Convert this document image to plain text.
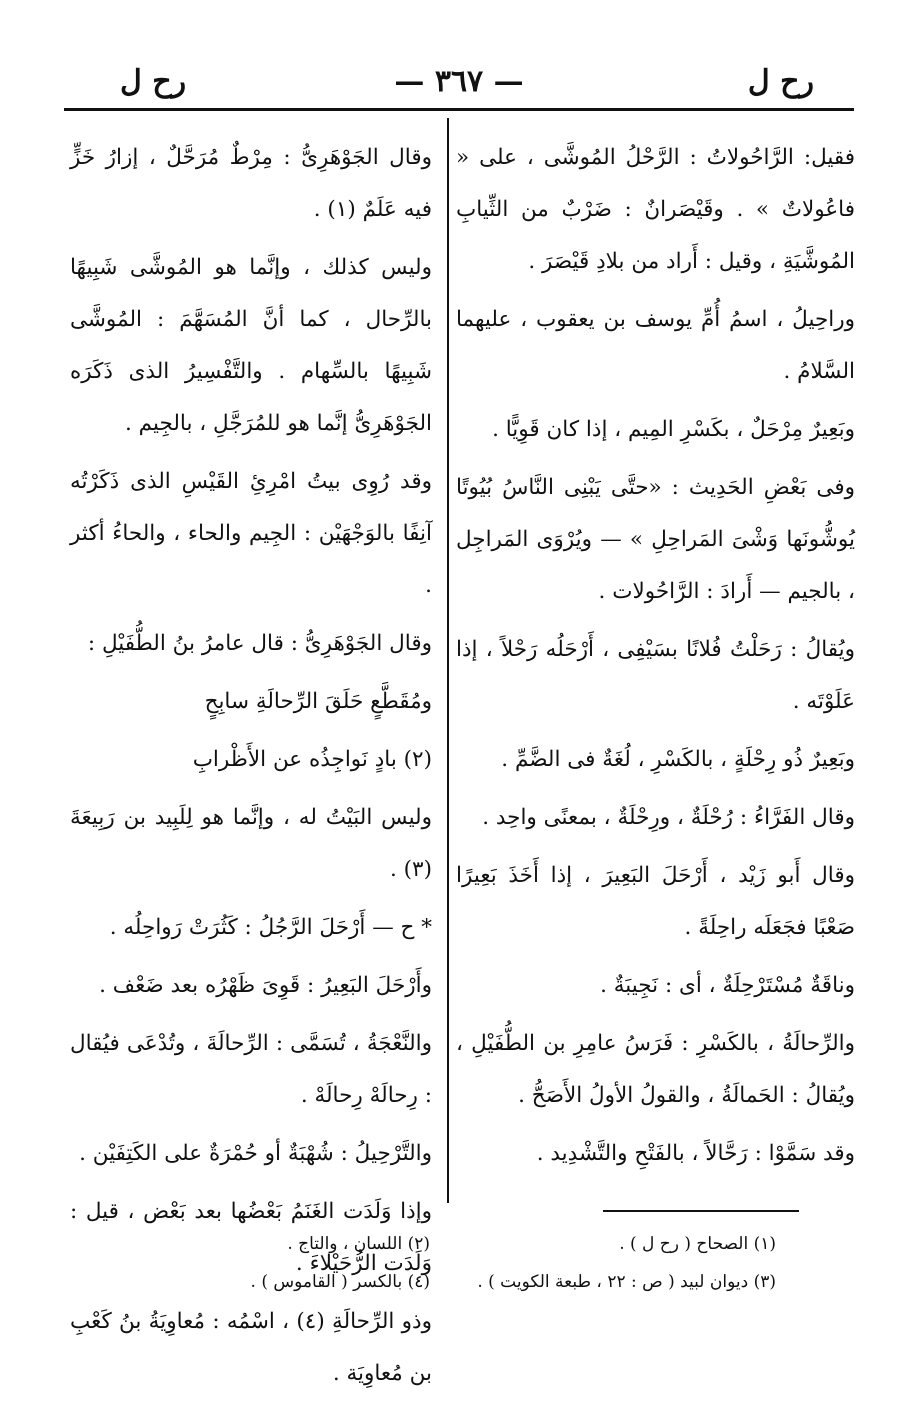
رح ل
— ٣٦٧ —
رح ل

فقيل: الرَّاحُولاتُ : الرَّحْلُ المُوشَّى ، على « فاعُولاتٌ » . وقَيْصَرانٌ : ضَرْبٌ من الثِّيابِ المُوشَّيَةِ ، وقيل : أَراد من بلادِ قَيْصَرَ .

وراحِيلُ ، اسمُ أُمِّ يوسف بن يعقوب ، عليهما السَّلامُ .

وبَعِيرٌ مِرْحَلٌ ، بكَسْرِ المِيم ، إذا كان قَوِيًّا .

وفى بَعْضِ الحَدِيث : «حتَّى يَبْنِى النَّاسُ بُيُوتًا يُوشُّونَها وَشْىَ المَراحِلِ » — ويُرْوَى المَراجِل ، بالجيم — أَرادَ : الرَّاحُولات .

ويُقالُ : رَحَلْتُ فُلانًا بسَيْفِى ، أَرْحَلُه رَحْلاً ، إذا عَلَوْتَه .

وبَعِيرٌ ذُو رِحْلَةٍ ، بالكَسْرِ ، لُغَةٌ فى الضَّمِّ .

وقال الفَرَّاءُ : رُحْلَةٌ ، ورِحْلَةٌ ، بمعنًى واحِد .

وقال أَبو زَيْد ، أَرْحَلَ البَعِيرَ ، إذا أَخَذَ بَعِيرًا صَعْبًا فجَعَلَه راحِلَةً .

وناقَةٌ مُسْتَرْحِلَةٌ ، أى : نَجِيبَةٌ .

والرِّحالَةُ ، بالكَسْرِ : فَرَسُ عامِرِ بن الطُّفَيْلِ ، ويُقالُ : الحَمالَةُ ، والقولُ الأولُ الأَصَحُّ .

وقد سَمَّوْا : رَحَّالاً ، بالفَتْحِ والتَّشْدِيد .

وقال الجَوْهَرِىُّ : مِرْطٌ مُرَحَّلٌ ، إزارُ خَزٍّ فيه عَلَمٌ (١) .

وليس كذلك ، وإنَّما هو المُوشَّى شَبِيهًا بالرِّحال ، كما أنَّ المُسَهَّمَ : المُوشَّى شَبِيهًا بالسِّهام . والتَّفْسِيرُ الذى ذَكَرَه الجَوْهَرِىُّ إنَّما هو للمُرَجَّلِ ، بالجِيم .

وقد رُوِى بيتُ امْرِئِ القَيْسِ الذى ذَكَرْتُه آنِفًا بالوَجْهَيْن : الجِيم والحاء ، والحاءُ أكثر .

وقال الجَوْهَرِىُّ : قال عامرُ بنُ الطُّفَيْلِ :

ومُقَطَّعٍ حَلَقَ الرِّحالَةِ سابِحٍ

(٢) بادٍ نَواجِذُه عن الأَظْرابِ

وليس البَيْتُ له ، وإنَّما هو لِلَبِيد بن رَبِيعَةَ (٣) .

* ح — أَرْحَلَ الرَّجُلُ : كَثُرَتْ رَواحِلُه .

وأَرْحَلَ البَعِيرُ : قَوِىَ ظَهْرُه بعد ضَعْف .

والنَّعْجَةُ ، تُسَمَّى : الرِّحالَةَ ، وتُدْعَى فيُقال : رِحالَهْ رِحالَهْ .

والتَّرْحِيلُ : شُهْبَةٌ أو حُمْرَةٌ على الكَتِفَيْن .

وإذا وَلَدَت الغَنَمُ بَعْضُها بعد بَعْض ، قيل : وَلَدَت الرُّحَيْلاءَ .

وذو الرِّحالَةِ (٤) ، اسْمُه : مُعاوِيَةُ بنُ كَعْبِ بن مُعاوِيَة .

(١) الصحاح ( رح ل ) .
(٣) ديوان لبيد ( ص : ٢٢ ، طبعة الكويت ) .
(٢) اللسان ، والتاج .
(٤) بالكسر ( القاموس ) .
